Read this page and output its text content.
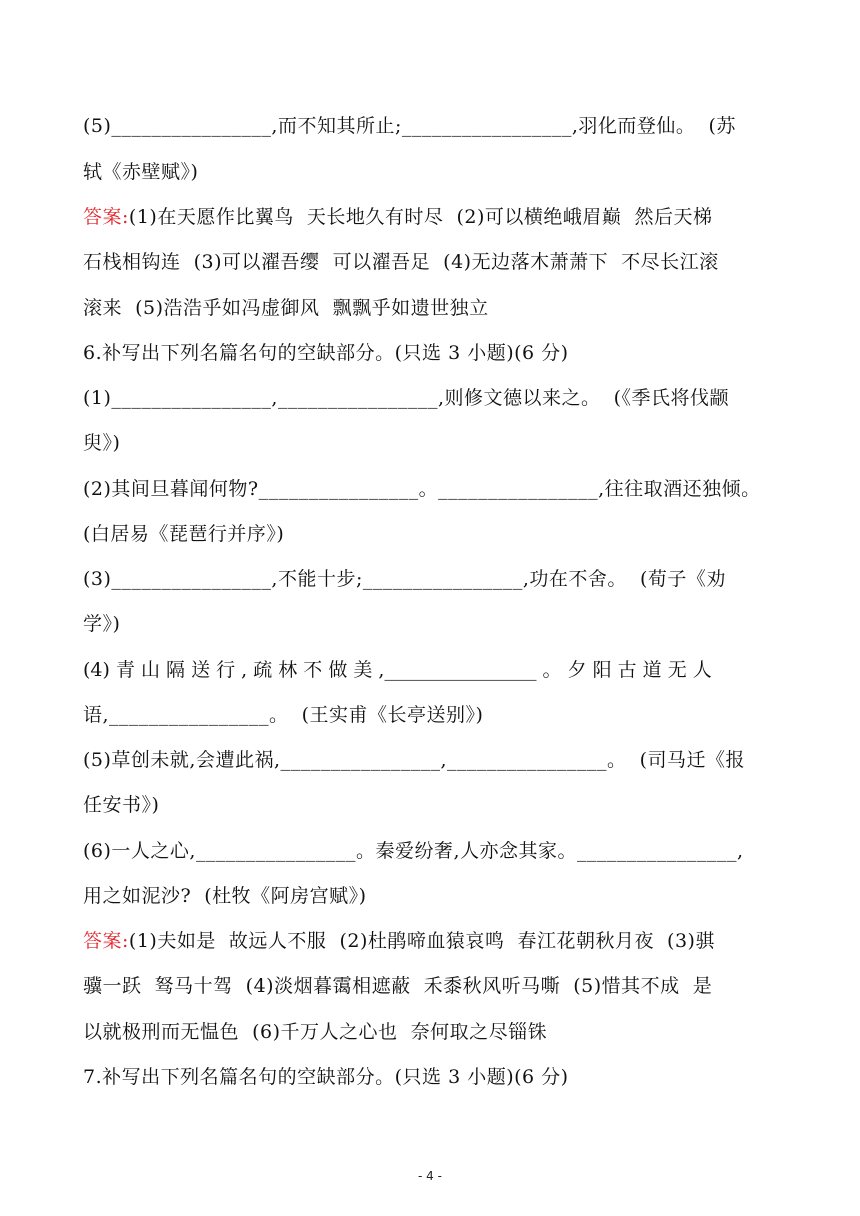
(5)________________,而不知其所止;_________________,羽化而登仙。  (苏
轼《赤壁赋》)
答案:(1)在天愿作比翼鸟  天长地久有时尽  (2)可以横绝峨眉巅  然后天梯
石栈相钩连  (3)可以濯吾缨  可以濯吾足  (4)无边落木萧萧下  不尽长江滚
滚来  (5)浩浩乎如冯虚御风  飘飘乎如遗世独立
6.补写出下列名篇名句的空缺部分。(只选 3 小题)(6 分)
(1)________________,________________,则修文德以来之。  (《季氏将伐颛
臾》)
(2)其间旦暮闻何物?________________。________________,往往取酒还独倾。
(白居易《琵琶行并序》)
(3)________________,不能十步;________________,功在不舍。  (荀子《劝
学》)
(4) 青 山 隔 送 行 , 疏 林 不 做 美 ,________________ 。 夕 阳 古 道 无 人
语,________________。  (王实甫《长亭送别》)
(5)草创未就,会遭此祸,________________,________________。  (司马迁《报
任安书》)
(6)一人之心,________________。秦爱纷奢,人亦念其家。________________,
用之如泥沙?  (杜牧《阿房宫赋》)
答案:(1)夫如是  故远人不服  (2)杜鹃啼血猿哀鸣  春江花朝秋月夜  (3)骐
骥一跃  驽马十驾  (4)淡烟暮霭相遮蔽  禾黍秋风听马嘶  (5)惜其不成  是
以就极刑而无愠色  (6)千万人之心也  奈何取之尽锱铢
7.补写出下列名篇名句的空缺部分。(只选 3 小题)(6 分)
- 4 -
